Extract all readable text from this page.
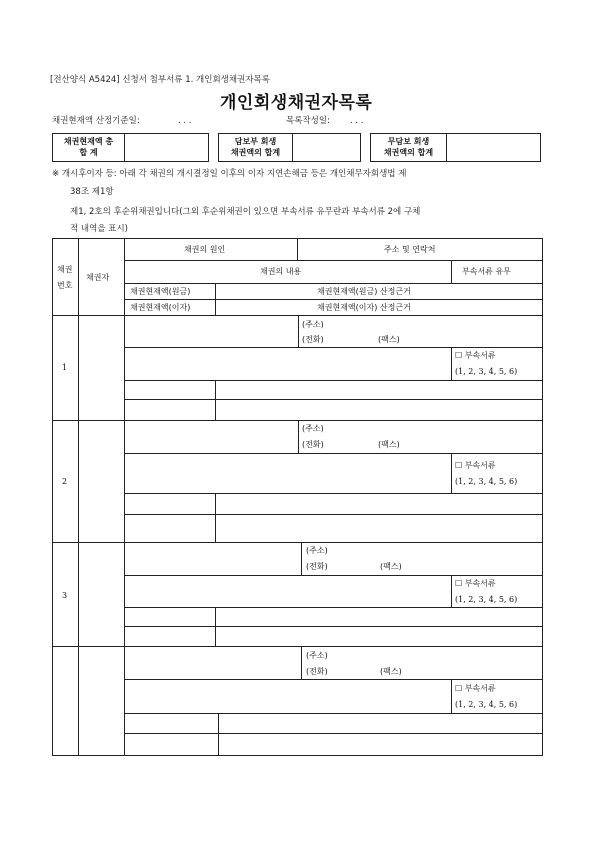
[전산양식 A5424] 신청서 첨부서류 1. 개인회생채권자목록
개인회생채권자목록
채권현재액 산정기준일:	. . .	목록작성일: . . .
채권현재액 총
합 계

담보부 회생
채권액의 합계

무담보 회생
채권액의 합계

※ 개시후이자 등: 아래 각 채권의 개시결정일 이후의 이자 지연손해금 등은 개인채무자회생법 제
38조 제1항
제1, 2호의 후순위채권입니다(그외 후순위채권이 있으면 부속서류 유무란과 부속서류 2에 구체
적 내역을 표시)
채권
번호
채권자
채권의 원인	주소 및 연락처
채권의 내용	부속서류 유무
채권현재액(원금)	채권현재액(원금) 산정근거
채권현재액(이자)	채권현재액(이자) 산정근거
1
(주소)
(전화)	(팩스)
☐ 부속서류
(1, 2, 3, 4, 5, 6)
2
(주소)
(전화)	(팩스)
☐ 부속서류
(1, 2, 3, 4, 5, 6)
3
(주소)
(전화)	(팩스)
☐ 부속서류
(1, 2, 3, 4, 5, 6)
(주소)
(전화)	(팩스)
☐ 부속서류
(1, 2, 3, 4, 5, 6)
